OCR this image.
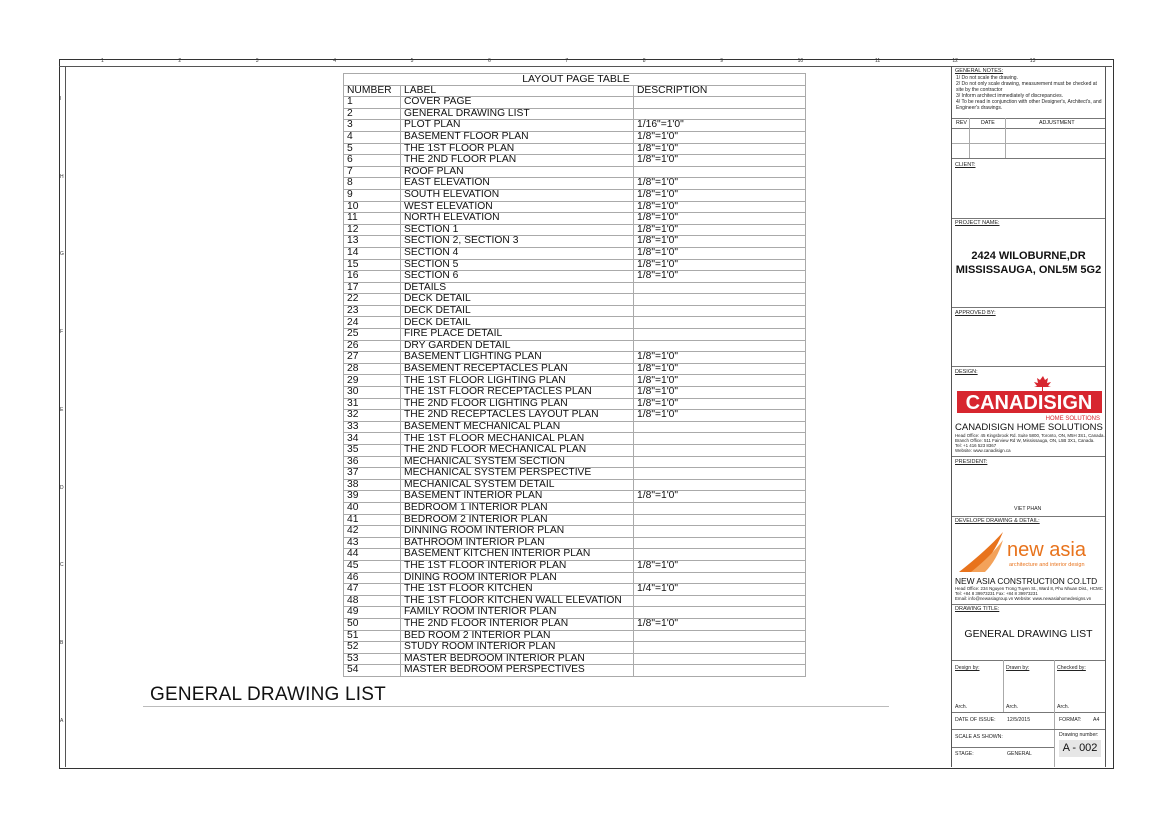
1	2	3	4	5	6	7	8	9	10	11	12	13
I
H
G
F
E
D
C
B
A
LAYOUT PAGE TABLE		
NUMBER	LABEL	DESCRIPTION
1	COVER PAGE	
2	GENERAL DRAWING LIST	
3	PLOT PLAN	1/16"=1'0"
4	BASEMENT FLOOR PLAN	1/8"=1'0"
5	THE 1ST FLOOR PLAN	1/8"=1'0"
6	THE 2ND FLOOR PLAN	1/8"=1'0"
7	ROOF PLAN	
8	EAST ELEVATION	1/8"=1'0"
9	SOUTH ELEVATION	1/8"=1'0"
10	WEST ELEVATION	1/8"=1'0"
11	NORTH ELEVATION	1/8"=1'0"
12	SECTION 1	1/8"=1'0"
13	SECTION 2, SECTION 3	1/8"=1'0"
14	SECTION 4	1/8"=1'0"
15	SECTION 5	1/8"=1'0"
16	SECTION 6	1/8"=1'0"
17	DETAILS	
22	DECK DETAIL	
23	DECK DETAIL	
24	DECK DETAIL	
25	FIRE PLACE DETAIL	
26	DRY GARDEN DETAIL	
27	BASEMENT LIGHTING PLAN	1/8"=1'0"
28	BASEMENT RECEPTACLES PLAN	1/8"=1'0"
29	THE 1ST FLOOR LIGHTING PLAN	1/8"=1'0"
30	THE 1ST FLOOR RECEPTACLES PLAN	1/8"=1'0"
31	THE 2ND FLOOR LIGHTING PLAN	1/8"=1'0"
32	THE 2ND RECEPTACLES LAYOUT PLAN	1/8"=1'0"
33	BASEMENT MECHANICAL PLAN	
34	THE 1ST FLOOR MECHANICAL PLAN	
35	THE 2ND FLOOR MECHANICAL PLAN	
36	MECHANICAL SYSTEM SECTION	
37	MECHANICAL SYSTEM PERSPECTIVE	
38	MECHANICAL SYSTEM DETAIL	
39	BASEMENT INTERIOR PLAN	1/8"=1'0"
40	BEDROOM 1 INTERIOR PLAN	
41	BEDROOM 2 INTERIOR PLAN	
42	DINNING ROOM INTERIOR PLAN	
43	BATHROOM INTERIOR PLAN	
44	BASEMENT KITCHEN INTERIOR PLAN	
45	THE 1ST FLOOR INTERIOR PLAN	1/8"=1'0"
46	DINING ROOM INTERIOR PLAN	
47	THE 1ST FLOOR KITCHEN	1/4"=1'0"
48	THE 1ST FLOOR KITCHEN WALL ELEVATION	
49	FAMILY ROOM INTERIOR PLAN	
50	THE 2ND FLOOR INTERIOR PLAN	1/8"=1'0"
51	BED ROOM 2 INTERIOR PLAN	
52	STUDY ROOM INTERIOR PLAN	
53	MASTER BEDROOM INTERIOR PLAN	
54	MASTER BEDROOM PERSPECTIVES	
GENERAL DRAWING LIST
GENERAL NOTES:
1/ Do not scale the drawing.
2/ Do not only scale drawing, measurement must be checked at site by the contractor
3/ Inform architect immediately of discrepancies.
4/ To be read in conjunction with other Designer's, Architect's, and Engineer's drawings.
REV	DATE	ADJUSTMENT
CLIENT:
PROJECT NAME:
2424 WILOBURNE,DR
MISSISSAUGA, ONL5M 5G2
APPROVED BY:
DESIGN:
CANADISIGN
HOME SOLUTIONS
CANADISIGN HOME SOLUTIONS
Head Office: 45 Kingsbrook Rd. Suite 5800, Toronto, ON, M5H 3S1, Canada.
Branch Office: 511 Fairview Rd W, Mississauga, ON, L5B 3X1, Canada.
Tel: +1 416 523 8367
Website: www.canadisign.ca
PRESIDENT:
VIET PHAN
DEVELOPE DRAWING & DETAIL:
new asia
architecture and interior design
NEW ASIA CONSTRUCTION CO.LTD
Head Office: 234 Nguyen Trong Tuyen St., Ward 8, Phu Nhuan Dist., HCMC
Tel: +84 8 39973231 Fax: +84 8 39973231
Email: info@newasiagroup.vn Website: www.newasiahomedesigns.vn
DRAWING TITLE:
GENERAL DRAWING LIST
Design by:	Drawn by:	Checked by:
Arch.	Arch.	Arch.
DATE OF ISSUE: 12/5/2015	FORMAT: A4
SCALE AS SHOWN:	Drawing number:
A - 002
STAGE:	GENERAL
